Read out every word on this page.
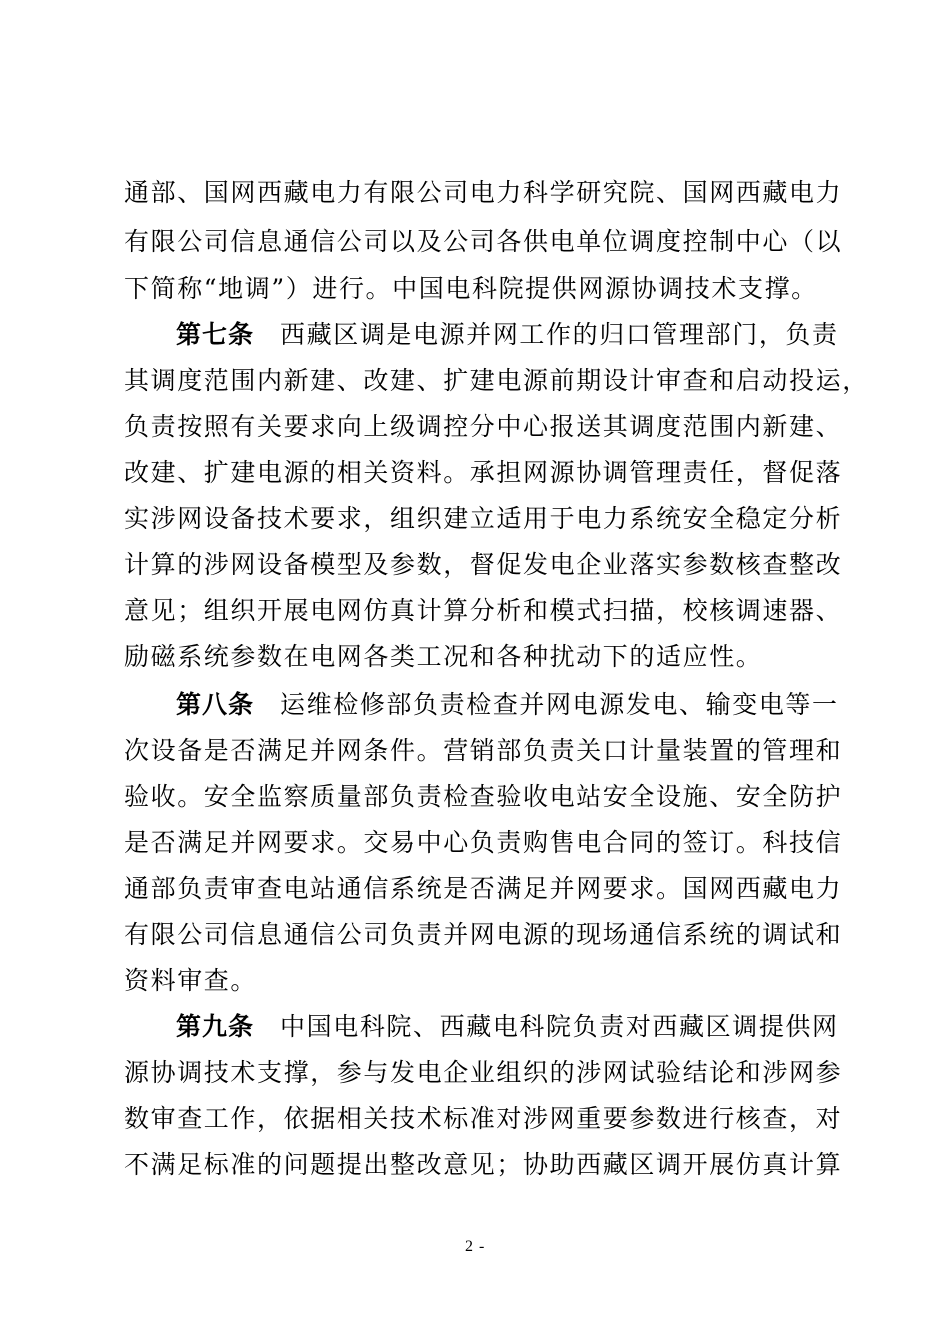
通部、国网西藏电力有限公司电力科学研究院、国网西藏电力
有限公司信息通信公司以及公司各供电单位调度控制中心（以
下简称“地调”）进行。中国电科院提供网源协调技术支撑。
第七条 西藏区调是电源并网工作的归口管理部门，负责
其调度范围内新建、改建、扩建电源前期设计审查和启动投运，
负责按照有关要求向上级调控分中心报送其调度范围内新建、
改建、扩建电源的相关资料。承担网源协调管理责任，督促落
实涉网设备技术要求，组织建立适用于电力系统安全稳定分析
计算的涉网设备模型及参数，督促发电企业落实参数核查整改
意见；组织开展电网仿真计算分析和模式扫描，校核调速器、
励磁系统参数在电网各类工况和各种扰动下的适应性。
第八条 运维检修部负责检查并网电源发电、输变电等一
次设备是否满足并网条件。营销部负责关口计量装置的管理和
验收。安全监察质量部负责检查验收电站安全设施、安全防护
是否满足并网要求。交易中心负责购售电合同的签订。科技信
通部负责审查电站通信系统是否满足并网要求。国网西藏电力
有限公司信息通信公司负责并网电源的现场通信系统的调试和
资料审查。
第九条 中国电科院、西藏电科院负责对西藏区调提供网
源协调技术支撑，参与发电企业组织的涉网试验结论和涉网参
数审查工作，依据相关技术标准对涉网重要参数进行核查，对
不满足标准的问题提出整改意见；协助西藏区调开展仿真计算
2 -
